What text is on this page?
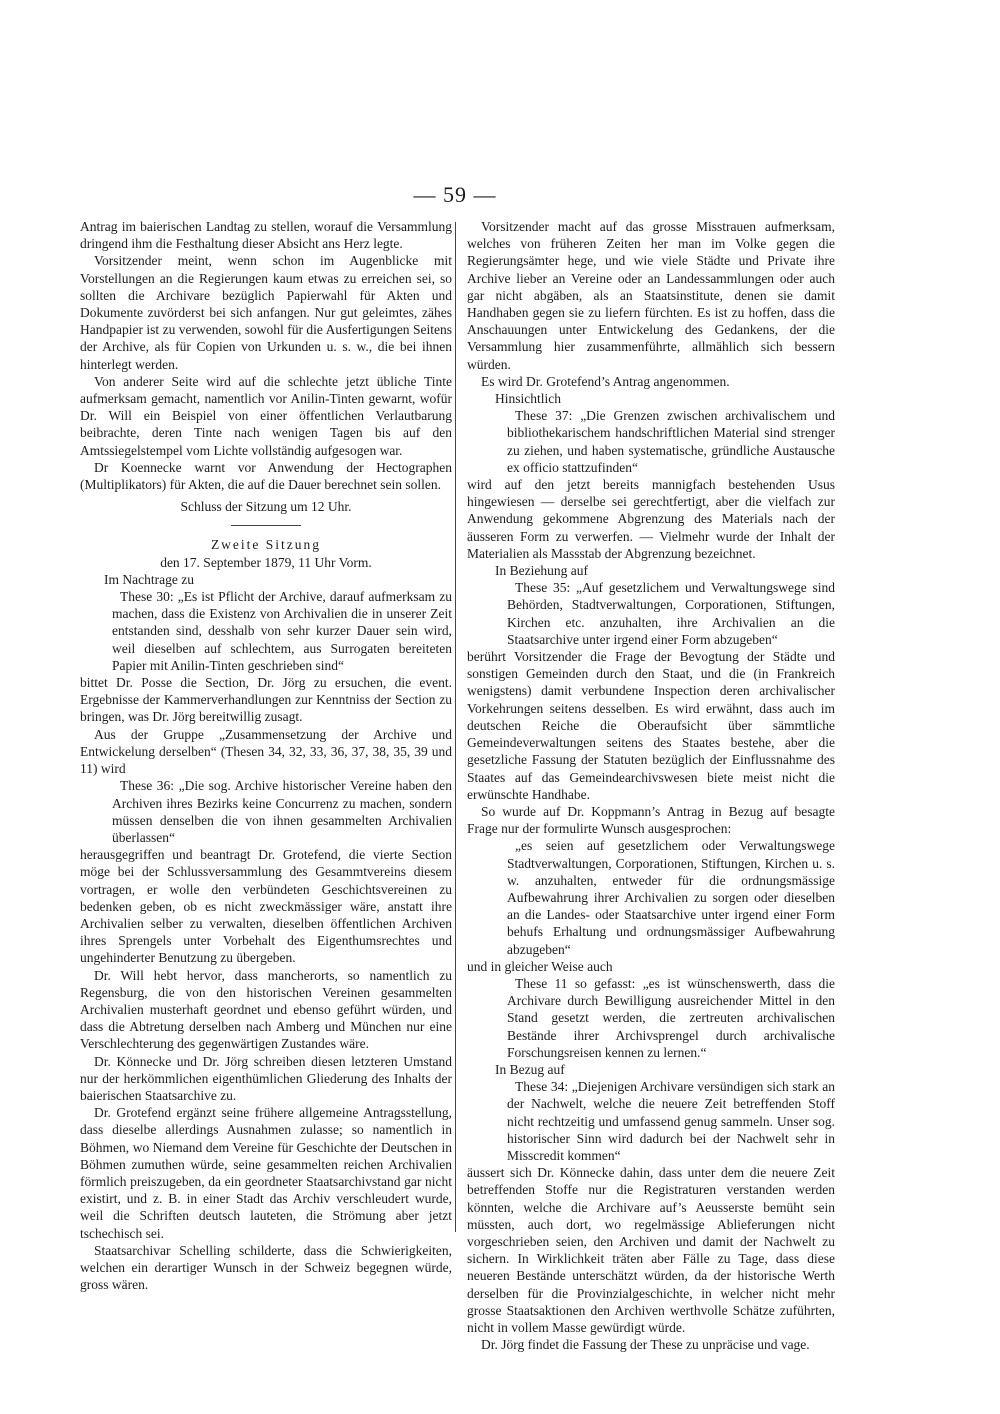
— 59 —

Antrag im baierischen Landtag zu stellen, worauf die Versammlung dringend ihm die Festhaltung dieser Absicht ans Herz legte.

Vorsitzender meint, wenn schon im Augenblicke mit Vorstellungen an die Regierungen kaum etwas zu erreichen sei, so sollten die Archivare bezüglich Papierwahl für Akten und Dokumente zuvörderst bei sich anfangen. Nur gut geleimtes, zähes Handpapier ist zu verwenden, sowohl für die Ausfertigungen Seitens der Archive, als für Copien von Urkunden u. s. w., die bei ihnen hinterlegt werden.

Von anderer Seite wird auf die schlechte jetzt übliche Tinte aufmerksam gemacht, namentlich vor Anilin-Tinten gewarnt, wofür Dr. Will ein Beispiel von einer öffentlichen Verlautbarung beibrachte, deren Tinte nach wenigen Tagen bis auf den Amtssiegelstempel vom Lichte vollständig aufgesogen war.

Dr Koennecke warnt vor Anwendung der Hectographen (Multiplikators) für Akten, die auf die Dauer berechnet sein sollen.

Schluss der Sitzung um 12 Uhr.

Zweite Sitzung

den 17. September 1879, 11 Uhr Vorm.

Im Nachtrage zu

These 30: „Es ist Pflicht der Archive, darauf aufmerksam zu machen, dass die Existenz von Archivalien die in unserer Zeit entstanden sind, desshalb von sehr kurzer Dauer sein wird, weil dieselben auf schlechtem, aus Surrogaten bereiteten Papier mit Anilin-Tinten geschrieben sind“

bittet Dr. Posse die Section, Dr. Jörg zu ersuchen, die event. Ergebnisse der Kammerverhandlungen zur Kenntniss der Section zu bringen, was Dr. Jörg bereitwillig zusagt.

Aus der Gruppe „Zusammensetzung der Archive und Entwickelung derselben“ (Thesen 34, 32, 33, 36, 37, 38, 35, 39 und 11) wird

These 36: „Die sog. Archive historischer Vereine haben den Archiven ihres Bezirks keine Concurrenz zu machen, sondern müssen denselben die von ihnen gesammelten Archivalien überlassen“

herausgegriffen und beantragt Dr. Grotefend, die vierte Section möge bei der Schlussversammlung des Gesammtvereins diesem vortragen, er wolle den verbündeten Geschichtsvereinen zu bedenken geben, ob es nicht zweckmässiger wäre, anstatt ihre Archivalien selber zu verwalten, dieselben öffentlichen Archiven ihres Sprengels unter Vorbehalt des Eigenthumsrechtes und ungehinderter Benutzung zu übergeben.

Dr. Will hebt hervor, dass mancherorts, so namentlich zu Regensburg, die von den historischen Vereinen gesammelten Archivalien musterhaft geordnet und ebenso geführt würden, und dass die Abtretung derselben nach Amberg und München nur eine Verschlechterung des gegenwärtigen Zustandes wäre.

Dr. Könnecke und Dr. Jörg schreiben diesen letzteren Umstand nur der herkömmlichen eigenthümlichen Gliederung des Inhalts der baierischen Staatsarchive zu.

Dr. Grotefend ergänzt seine frühere allgemeine Antragsstellung, dass dieselbe allerdings Ausnahmen zulasse; so namentlich in Böhmen, wo Niemand dem Vereine für Geschichte der Deutschen in Böhmen zumuthen würde, seine gesammelten reichen Archivalien förmlich preiszugeben, da ein geordneter Staatsarchivstand gar nicht existirt, und z. B. in einer Stadt das Archiv verschleudert wurde, weil die Schriften deutsch lauteten, die Strömung aber jetzt tschechisch sei.

Staatsarchivar Schelling schilderte, dass die Schwierigkeiten, welchen ein derartiger Wunsch in der Schweiz begegnen würde, gross wären.

Vorsitzender macht auf das grosse Misstrauen aufmerksam, welches von früheren Zeiten her man im Volke gegen die Regierungsämter hege, und wie viele Städte und Private ihre Archive lieber an Vereine oder an Landessammlungen oder auch gar nicht abgäben, als an Staatsinstitute, denen sie damit Handhaben gegen sie zu liefern fürchten. Es ist zu hoffen, dass die Anschauungen unter Entwickelung des Gedankens, der die Versammlung hier zusammenführte, allmählich sich bessern würden.

Es wird Dr. Grotefend’s Antrag angenommen.

Hinsichtlich

These 37: „Die Grenzen zwischen archivalischem und bibliothekarischem handschriftlichen Material sind strenger zu ziehen, und haben systematische, gründliche Austausche ex officio stattzufinden“

wird auf den jetzt bereits mannigfach bestehenden Usus hingewiesen — derselbe sei gerechtfertigt, aber die vielfach zur Anwendung gekommene Abgrenzung des Materials nach der äusseren Form zu verwerfen. — Vielmehr wurde der Inhalt der Materialien als Massstab der Abgrenzung bezeichnet.

In Beziehung auf

These 35: „Auf gesetzlichem und Verwaltungswege sind Behörden, Stadtverwaltungen, Corporationen, Stiftungen, Kirchen etc. anzuhalten, ihre Archivalien an die Staatsarchive unter irgend einer Form abzugeben“

berührt Vorsitzender die Frage der Bevogtung der Städte und sonstigen Gemeinden durch den Staat, und die (in Frankreich wenigstens) damit verbundene Inspection deren archivalischer Vorkehrungen seitens desselben. Es wird erwähnt, dass auch im deutschen Reiche die Oberaufsicht über sämmtliche Gemeindeverwaltungen seitens des Staates bestehe, aber die gesetzliche Fassung der Statuten bezüglich der Einflussnahme des Staates auf das Gemeindearchivswesen biete meist nicht die erwünschte Handhabe.

So wurde auf Dr. Koppmann’s Antrag in Bezug auf besagte Frage nur der formulirte Wunsch ausgesprochen:

„es seien auf gesetzlichem oder Verwaltungswege Stadtverwaltungen, Corporationen, Stiftungen, Kirchen u. s. w. anzuhalten, entweder für die ordnungsmässige Aufbewahrung ihrer Archivalien zu sorgen oder dieselben an die Landes- oder Staatsarchive unter irgend einer Form behufs Erhaltung und ordnungsmässiger Aufbewahrung abzugeben“

und in gleicher Weise auch

These 11 so gefasst: „es ist wünschenswerth, dass die Archivare durch Bewilligung ausreichender Mittel in den Stand gesetzt werden, die zertreuten archivalischen Bestände ihrer Archivsprengel durch archivalische Forschungsreisen kennen zu lernen.“

In Bezug auf

These 34: „Diejenigen Archivare versündigen sich stark an der Nachwelt, welche die neuere Zeit betreffenden Stoff nicht rechtzeitig und umfassend genug sammeln. Unser sog. historischer Sinn wird dadurch bei der Nachwelt sehr in Misscredit kommen“

äussert sich Dr. Könnecke dahin, dass unter dem die neuere Zeit betreffenden Stoffe nur die Registraturen verstanden werden könnten, welche die Archivare auf’s Aeusserste bemüht sein müssten, auch dort, wo regelmässige Ablieferungen nicht vorgeschrieben seien, den Archiven und damit der Nachwelt zu sichern. In Wirklichkeit träten aber Fälle zu Tage, dass diese neueren Bestände unterschätzt würden, da der historische Werth derselben für die Provinzialgeschichte, in welcher nicht mehr grosse Staatsaktionen den Archiven werthvolle Schätze zuführten, nicht in vollem Masse gewürdigt würde.

Dr. Jörg findet die Fassung der These zu unpräcise und vage.
